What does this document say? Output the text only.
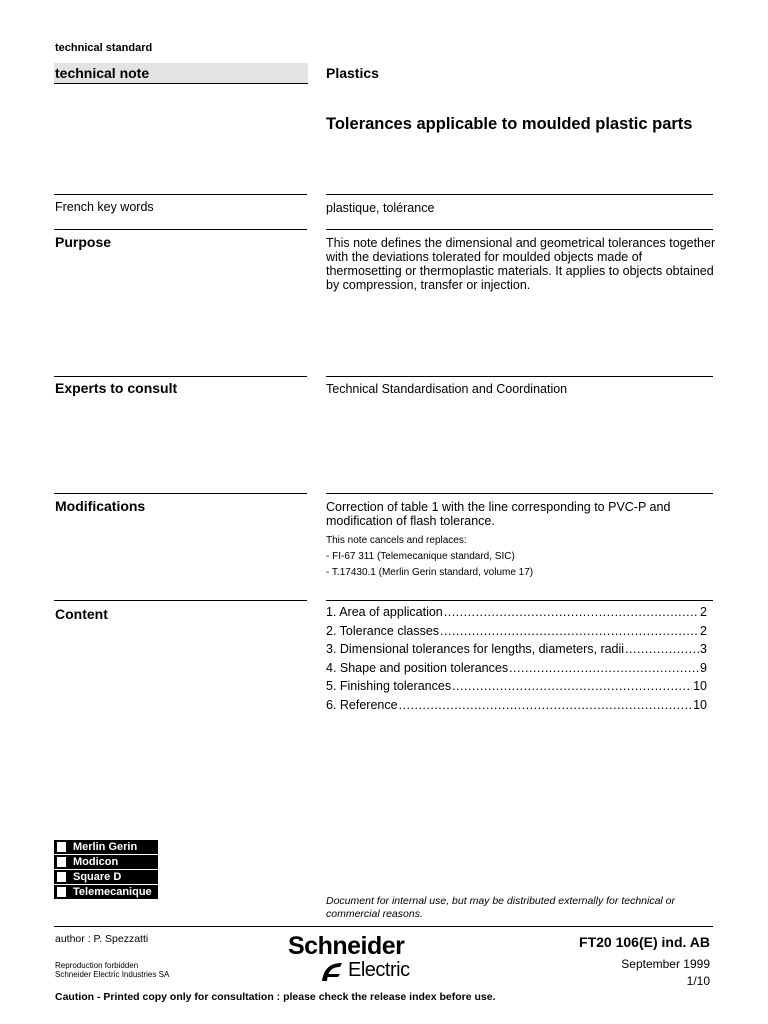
technical standard
technical note	Plastics
Tolerances applicable to moulded plastic parts
French key words	plastique, tolérance
Purpose	This note defines the dimensional and geometrical tolerances together with the deviations tolerated for moulded objects made of thermosetting or thermoplastic materials. It applies to objects obtained by compression, transfer or injection.
Experts to consult	Technical Standardisation and Coordination
Modifications	Correction of table 1 with the line corresponding to PVC-P and modification of flash tolerance.
This note cancels and replaces:
- FI-67 311 (Telemecanique standard, SIC)
- T.17430.1 (Merlin Gerin standard, volume 17)
Content	1. Area of application .....	2
2. Tolerance classes .....	2
3. Dimensional tolerances for lengths, diameters, radii .....	3
4. Shape and position tolerances .....	9
5. Finishing tolerances .....	10
6. Reference .....	10
Merlin Gerin
Modicon
Square D
Telemecanique
Document for internal use, but may be distributed externally for technical or commercial reasons.
author : P. Spezzatti
Reproduction forbidden
Schneider Electric Industries SA
Schneider
Electric
FT20 106(E) ind. AB
September 1999
1/10
Caution - Printed copy only for consultation : please check the release index before use.
